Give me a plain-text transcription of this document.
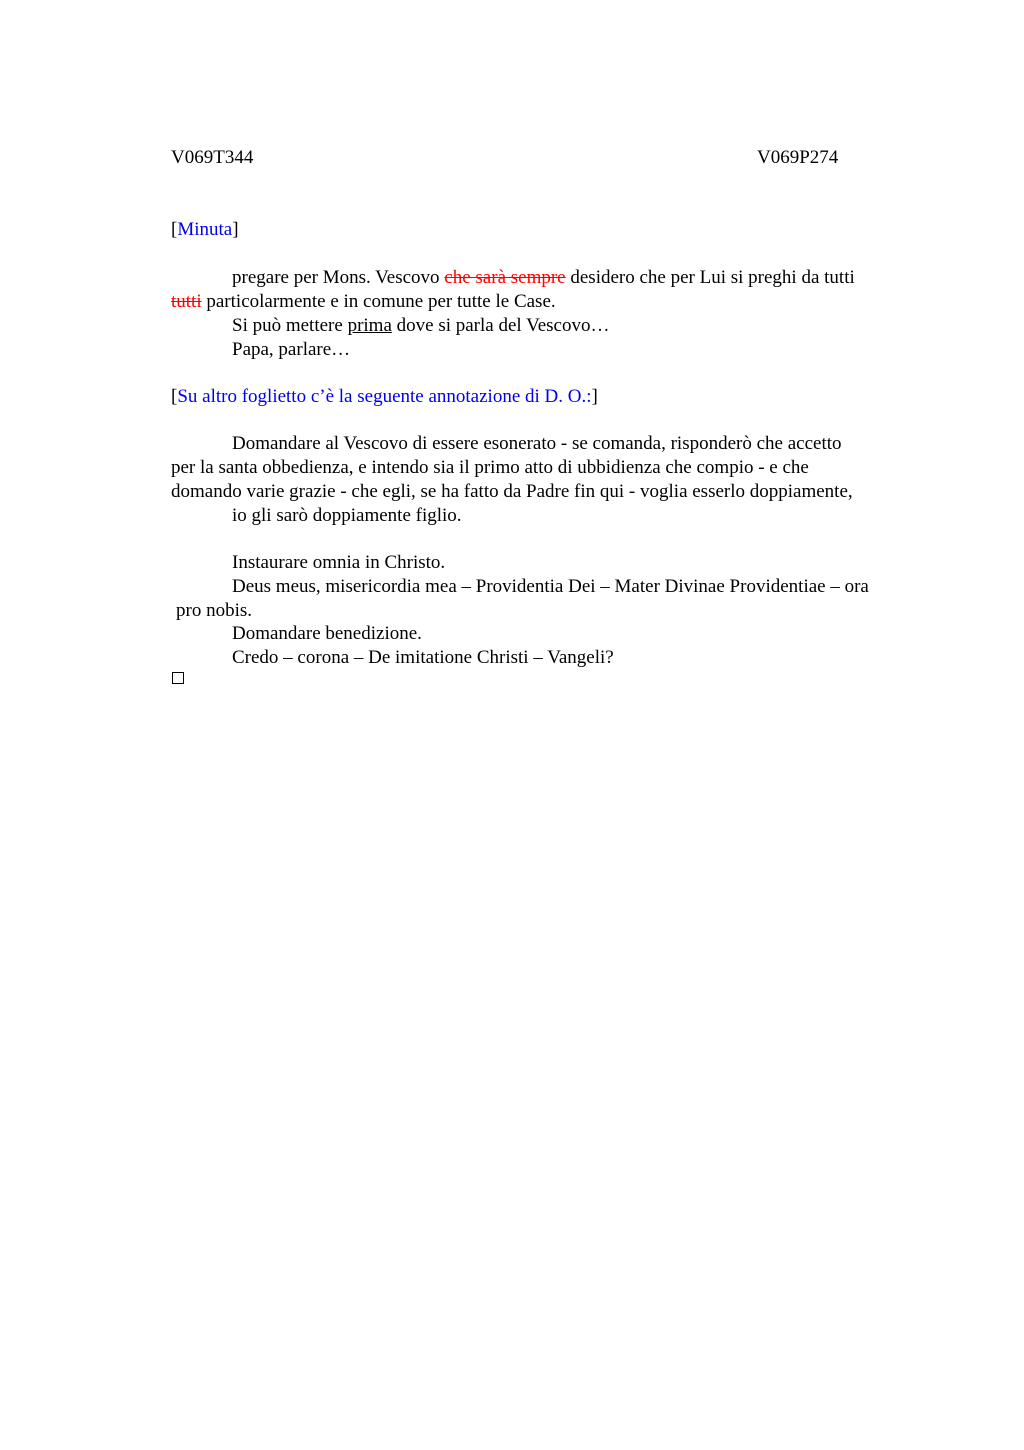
V069T344	V069P274
[Minuta]
pregare per Mons. Vescovo che sarà sempre desidero che per Lui si preghi da tutti
tutti particolarmente e in comune per tutte le Case.
Si può mettere prima dove si parla del Vescovo…
Papa, parlare…
[Su altro foglietto c’è la seguente annotazione di D. O.:]
Domandare al Vescovo di essere esonerato - se comanda, risponderò che accetto
per la santa obbedienza, e intendo sia il primo atto di ubbidienza che compio - e che
domando varie grazie - che egli, se ha fatto da Padre fin qui - voglia esserlo doppiamente,
io gli sarò doppiamente figlio.
Instaurare omnia in Christo.
Deus meus, misericordia mea – Providentia Dei – Mater Divinae Providentiae – ora
pro nobis.
Domandare benedizione.
Credo – corona – De imitatione Christi – Vangeli?
